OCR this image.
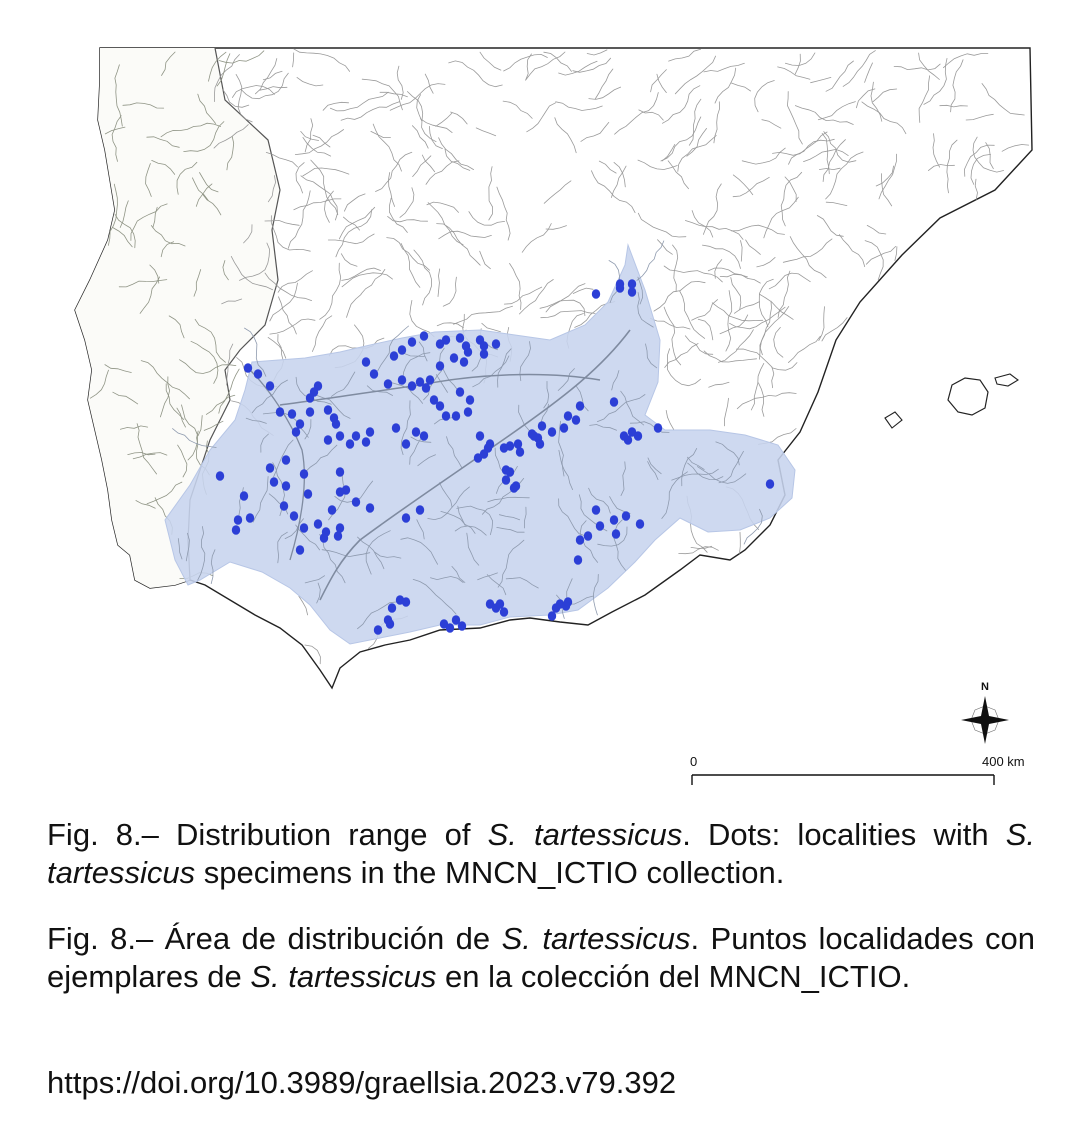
N
0	400 km
Fig. 8.– Distribution range of S. tartessicus. Dots: localities with S. tartessicus specimens in the MNCN_ICTIO collection.
Fig. 8.– Área de distribución de S. tartessicus. Puntos localidades con ejemplares de S. tartessicus en la colección del MNCN_ICTIO.
https://doi.org/10.3989/graellsia.2023.v79.392
